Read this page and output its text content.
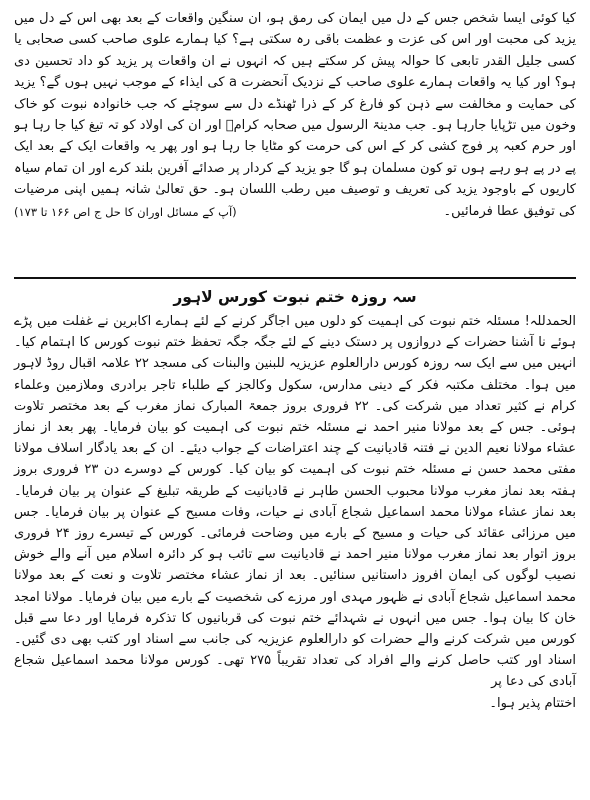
کیا کوئی ایسا شخص جس کے دل میں ایمان کی رمق ہو، ان سنگین واقعات کے بعد بھی اس کے دل میں یزید کی محبت اور اس کی عزت و عظمت باقی رہ سکتی ہے؟ کیا ہمارے علوی صاحب کسی صحابی یا کسی جلیل القدر تابعی کا حوالہ پیش کر سکتے ہیں کہ انہوں نے ان واقعات پر یزید کو داد تحسین دی ہو؟ اور کیا یہ واقعات ہمارے علوی صاحب کے نزدیک آنحضرت a کی ایذاء کے موجب نہیں ہوں گے؟ یزید کی حمایت و مخالفت سے ذہن کو فارغ کر کے ذرا ٹھنڈے دل سے سوچئے کہ جب خانوادہ نبوت کو خاک وخون میں تڑپایا جارہا ہو۔ جب مدینۃ الرسول میں صحابہ کرامؓ اور ان کی اولاد کو تہ تیغ کیا جا رہا ہو اور حرم کعبہ پر فوج کشی کر کے اس کی حرمت کو مٹایا جا رہا ہو اور پھر یہ واقعات ایک کے بعد ایک پے در پے ہو رہے ہوں تو کون مسلمان ہو گا جو یزید کے کردار پر صدائے آفرین بلند کرے اور ان تمام سیاہ کاریوں کے باوجود یزید کی تعریف و توصیف میں رطب اللسان ہو۔ حق تعالیٰ شانہ ہمیں اپنی مرضیات کی توفیق عطا فرمائیں۔

(آپ کے مسائل اوران کا حل ج اص ۱۶۶ تا ۱۷۳)
سہ روزہ ختم نبوت کورس لاہور

الحمدللہ! مسئلہ ختم نبوت کی اہمیت کو دلوں میں اجاگر کرنے کے لئے ہمارے اکابرین نے غفلت میں پڑے ہوئے نا آشنا حضرات کے دروازوں پر دستک دینے کے لئے جگہ جگہ تحفظ ختم نبوت کورس کا اہتمام کیا۔ انہیں میں سے ایک سہ روزہ کورس دارالعلوم عزیزیہ للبنین والبنات کی مسجد ۲۲ علامہ اقبال روڈ لاہور میں ہوا۔ مختلف مکتبہ فکر کے دینی مدارس، سکول وکالجز کے طلباء تاجر برادری وملازمین وعلماء کرام نے کثیر تعداد میں شرکت کی۔ ۲۲ فروری بروز جمعۃ المبارک نماز مغرب کے بعد مختصر تلاوت ہوئی۔ جس کے بعد مولانا منیر احمد نے مسئلہ ختم نبوت کی اہمیت کو بیان فرمایا۔ پھر بعد از نماز عشاء مولانا نعیم الدین نے فتنہ قادیانیت کے چند اعتراضات کے جواب دیئے۔ ان کے بعد یادگار اسلاف مولانا مفتی محمد حسن نے مسئلہ ختم نبوت کی اہمیت کو بیان کیا۔ کورس کے دوسرے دن ۲۳ فروری بروز ہفتہ بعد نماز مغرب مولانا محبوب الحسن طاہر نے قادیانیت کے طریقہ تبلیغ کے عنوان پر بیان فرمایا۔ بعد نماز عشاء مولانا محمد اسماعیل شجاع آبادی نے حیات، وفات مسیح کے عنوان پر بیان فرمایا۔ جس میں مرزائی عقائد کی حیات و مسیح کے بارے میں وضاحت فرمائی۔ کورس کے تیسرے روز ۲۴ فروری بروز اتوار بعد نماز مغرب مولانا منیر احمد نے قادیانیت سے تائب ہو کر دائرہ اسلام میں آنے والے خوش نصیب لوگوں کی ایمان افروز داستانیں سنائیں۔ بعد از نماز عشاء مختصر تلاوت و نعت کے بعد مولانا محمد اسماعیل شجاع آبادی نے ظہور مہدی اور مرزے کی شخصیت کے بارے میں بیان فرمایا۔ مولانا امجد خان کا بیان ہوا۔ جس میں انہوں نے شہدائے ختم نبوت کی قربانیوں کا تذکرہ فرمایا اور دعا سے قبل کورس میں شرکت کرنے والے حضرات کو دارالعلوم عزیزیہ کی جانب سے اسناد اور کتب بھی دی گئیں۔ اسناد اور کتب حاصل کرنے والے افراد کی تعداد تقریباً ۲۷۵ تھی۔ کورس مولانا محمد اسماعیل شجاع آبادی کی دعا پر

اختتام پذیر ہوا۔
